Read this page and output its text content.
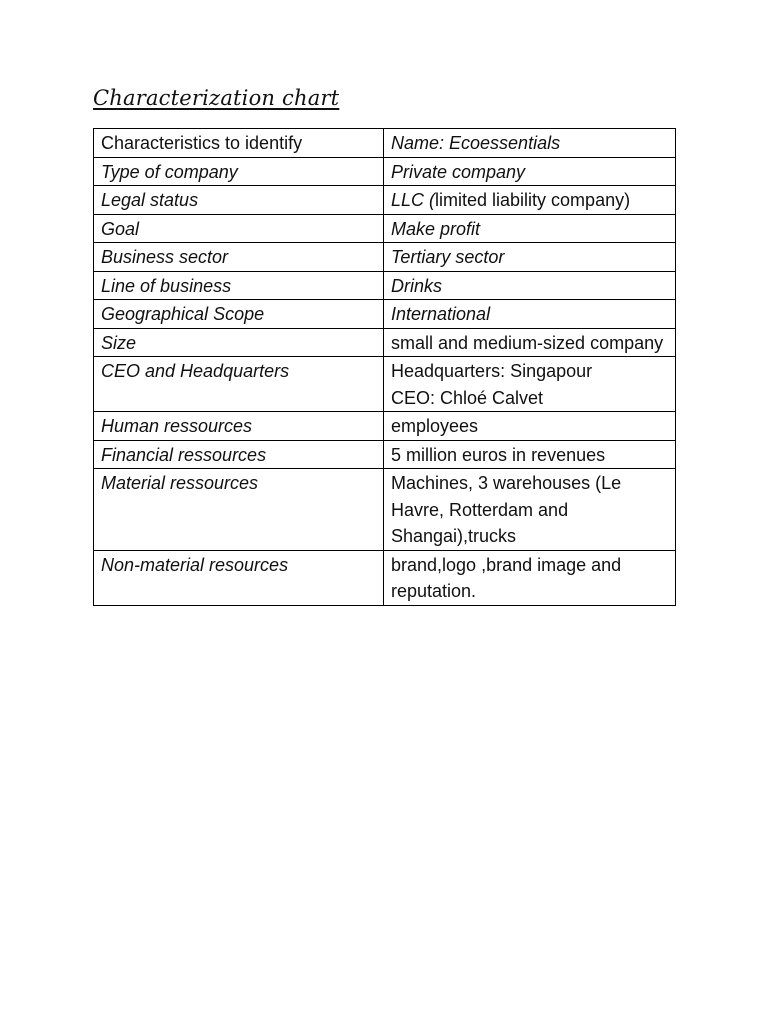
Characterization chart
Characteristics to identify	Name: Ecoessentials
Type of company	Private company
Legal status	LLC (limited liability company)
Goal	Make profit
Business sector	Tertiary sector
Line of business	Drinks
Geographical Scope	International
Size	small and medium-sized company
CEO and Headquarters	Headquarters: Singapour
CEO: Chloé Calvet

Human ressources	employees
Financial ressources	5 million euros in revenues
Material ressources	Machines, 3 warehouses (Le Havre, Rotterdam and Shangai),trucks
Non-material resources	brand,logo ,brand image and reputation.
